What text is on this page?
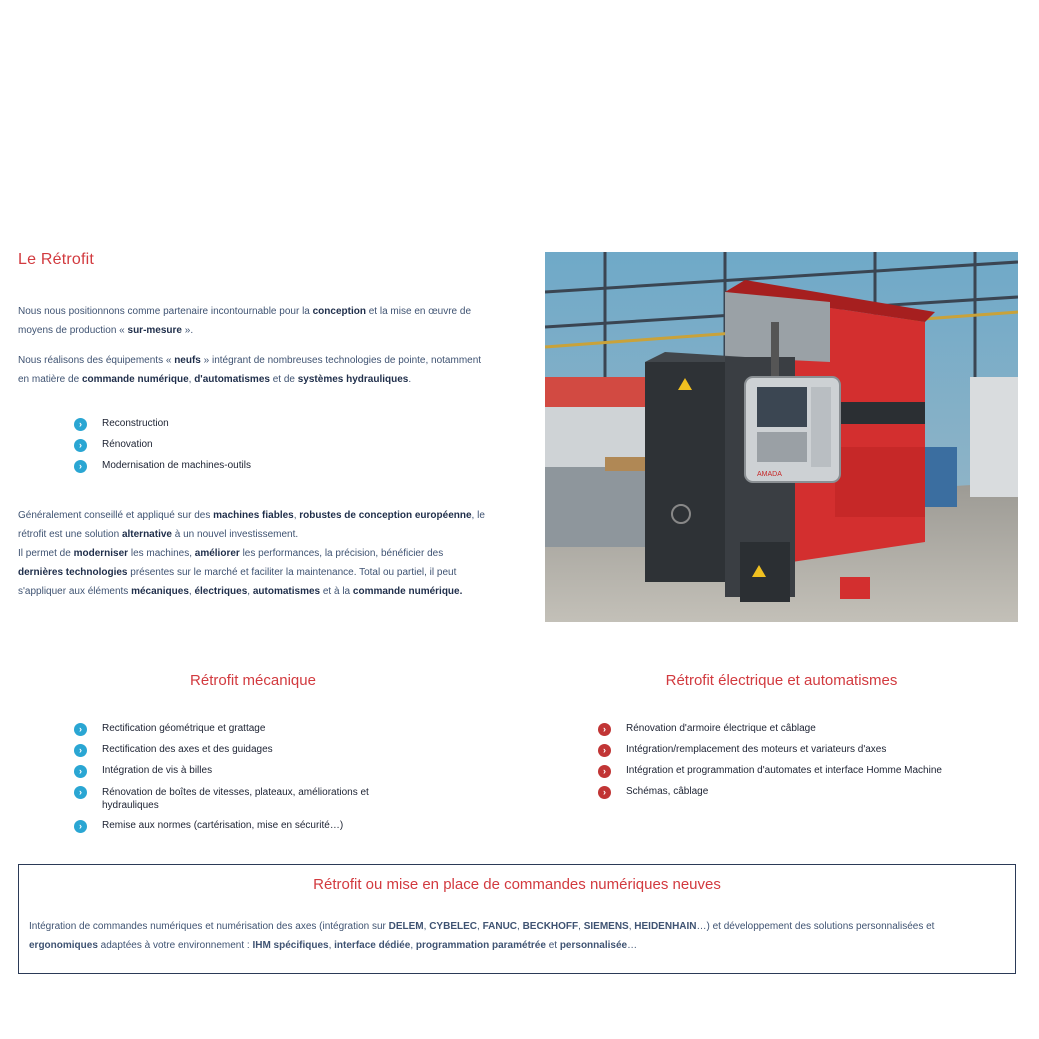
Le Rétrofit

Nous nous positionnons comme partenaire incontournable pour la conception et la mise en œuvre de moyens de production « sur-mesure ».

Nous réalisons des équipements « neufs » intégrant de nombreuses technologies de pointe, notamment en matière de commande numérique, d'automatismes et de systèmes hydrauliques.

›	Reconstruction
›	Rénovation
›	Modernisation de machines-outils

Généralement conseillé et appliqué sur des machines fiables, robustes de conception européenne, le rétrofit est une solution alternative à un nouvel investissement.
Il permet de moderniser les machines, améliorer les performances, la précision, bénéficier des dernières technologies présentes sur le marché et faciliter la maintenance. Total ou partiel, il peut s'appliquer aux éléments mécaniques, électriques, automatismes et à la commande numérique.

AMADA
Rétrofit mécanique
›	Rectification géométrique et grattage
›	Rectification des axes et des guidages
›	Intégration de vis à billes
›	Rénovation de boîtes de vitesses, plateaux, améliorations et hydrauliques
›	Remise aux normes (cartérisation, mise en sécurité…)
Rétrofit électrique et automatismes
›	Rénovation d'armoire électrique et câblage
›	Intégration/remplacement des moteurs et variateurs d'axes
›	Intégration et programmation d'automates et interface Homme Machine
›	Schémas, câblage
Rétrofit ou mise en place de commandes numériques neuves

Intégration de commandes numériques et numérisation des axes (intégration sur DELEM, CYBELEC, FANUC, BECKHOFF, SIEMENS, HEIDENHAIN…) et développement des solutions personnalisées et ergonomiques adaptées à votre environnement : IHM spécifiques, interface dédiée, programmation paramétrée et personnalisée…
